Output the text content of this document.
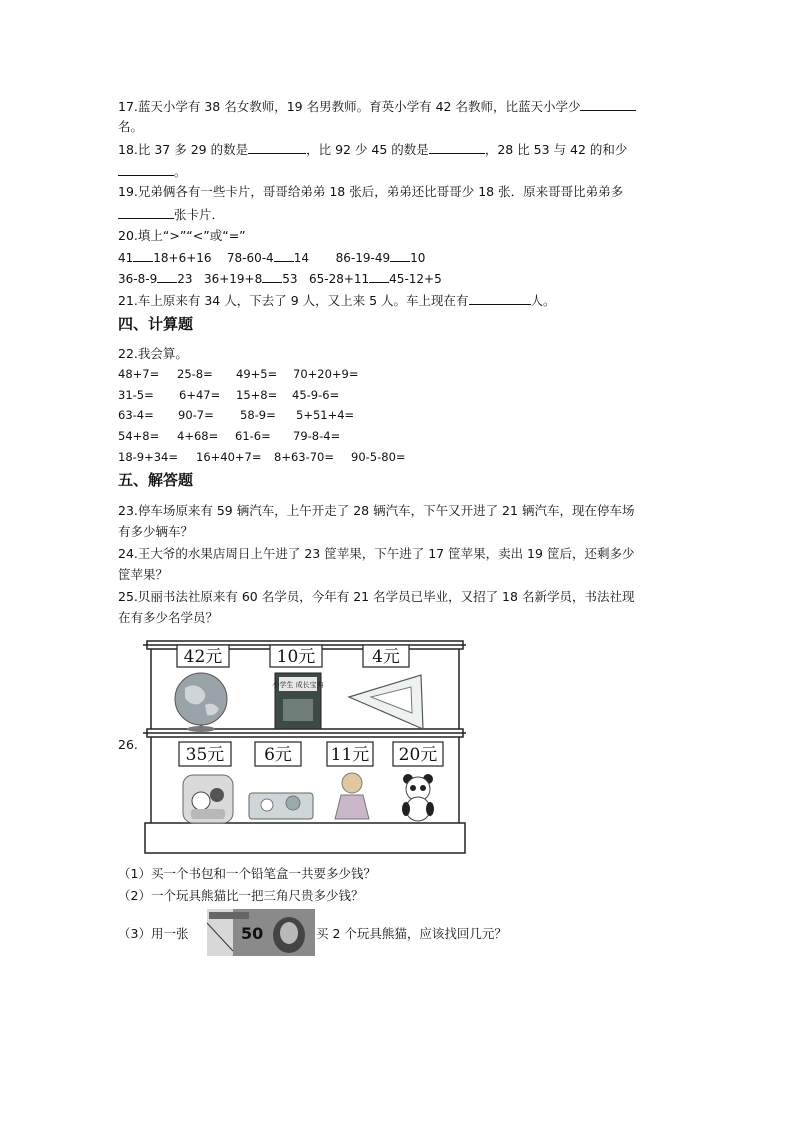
17.蓝天小学有 38 名女教师，19 名男教师。育英小学有 42 名教师，比蓝天小学少
名。
18.比 37 多 29 的数是	，比 92 少 45 的数是	，28 比 53 与 42 的和少
。
19.兄弟俩各有一些卡片，哥哥给弟弟 18 张后，弟弟还比哥哥少 18 张．原来哥哥比弟弟多
张卡片．
20.填上“>”“<”或“=”
41 18+6+16 78-60-4 14 86-19-49 10
36-8-9 23 36+19+8 53 65-28+11 45-12+5
21.车上原来有 34 人，下去了 9 人，又上来 5 人。车上现在有	人。
四、计算题
22.我会算。
48+7= 25-8= 49+5= 70+20+9=
31-5= 6+47= 15+8= 45-9-6=
63-4= 90-7= 58-9= 5+51+4=
54+8= 4+68= 61-6= 79-8-4=
18-9+34= 16+40+7= 8+63-70= 90-5-80=
五、解答题
23.停车场原来有 59 辆汽车，上午开走了 28 辆汽车，下午又开进了 21 辆汽车，现在停车场
有多少辆车？
24.王大爷的水果店周日上午进了 23 筐苹果，下午进了 17 筐苹果，卖出 19 筐后，还剩多少
筐苹果？
25.贝丽书法社原来有 60 名学员，今年有 21 名学员已毕业，又招了 18 名新学员，书法社现
在有多少名学员？
26.
42元	10元	4元
小学生 成长宝典
35元 6元 11元 20元
（1）买一个书包和一个铅笔盒一共要多少钱？
（2）一个玩具熊猫比一把三角尺贵多少钱？
（3）用一张	50	买 2 个玩具熊猫，应该找回几元？
